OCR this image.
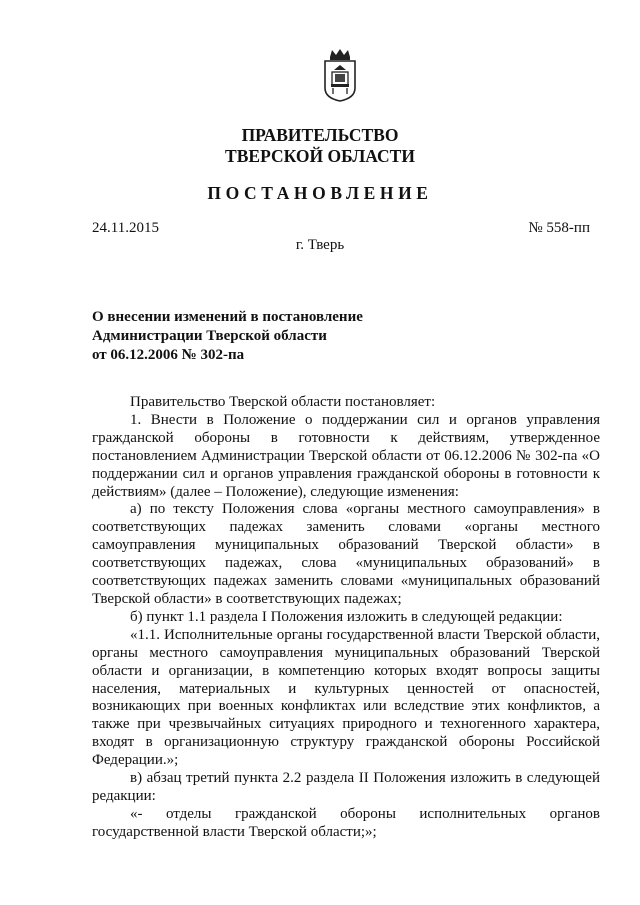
ПРАВИТЕЛЬСТВО
ТВЕРСКОЙ ОБЛАСТИ
ПОСТАНОВЛЕНИЕ
24.11.2015	№ 558-пп
г. Тверь
О внесении изменений в постановление
Администрации Тверской области
от 06.12.2006 № 302-па

Правительство Тверской области постановляет:

1. Внести в Положение о поддержании сил и органов управления гражданской обороны в готовности к действиям, утвержденное постановлением Администрации Тверской области от 06.12.2006 № 302-па «О поддержании сил и органов управления гражданской обороны в готовности к действиям» (далее – Положение), следующие изменения:

а) по тексту Положения слова «органы местного самоуправления» в соответствующих падежах заменить словами «органы местного самоуправления муниципальных образований Тверской области» в соответствующих падежах, слова «муниципальных образований» в соответствующих падежах заменить словами «муниципальных образований Тверской области» в соответствующих падежах;

б) пункт 1.1 раздела I Положения изложить в следующей редакции:

«1.1. Исполнительные органы государственной власти Тверской области, органы местного самоуправления муниципальных образований Тверской области и организации, в компетенцию которых входят вопросы защиты населения, материальных и культурных ценностей от опасностей, возникающих при военных конфликтах или вследствие этих конфликтов, а также при чрезвычайных ситуациях природного и техногенного характера, входят в организационную структуру гражданской обороны Российской Федерации.»;

в) абзац третий пункта 2.2 раздела II Положения изложить в следующей редакции:

«- отделы гражданской обороны исполнительных органов государственной власти Тверской области;»;
